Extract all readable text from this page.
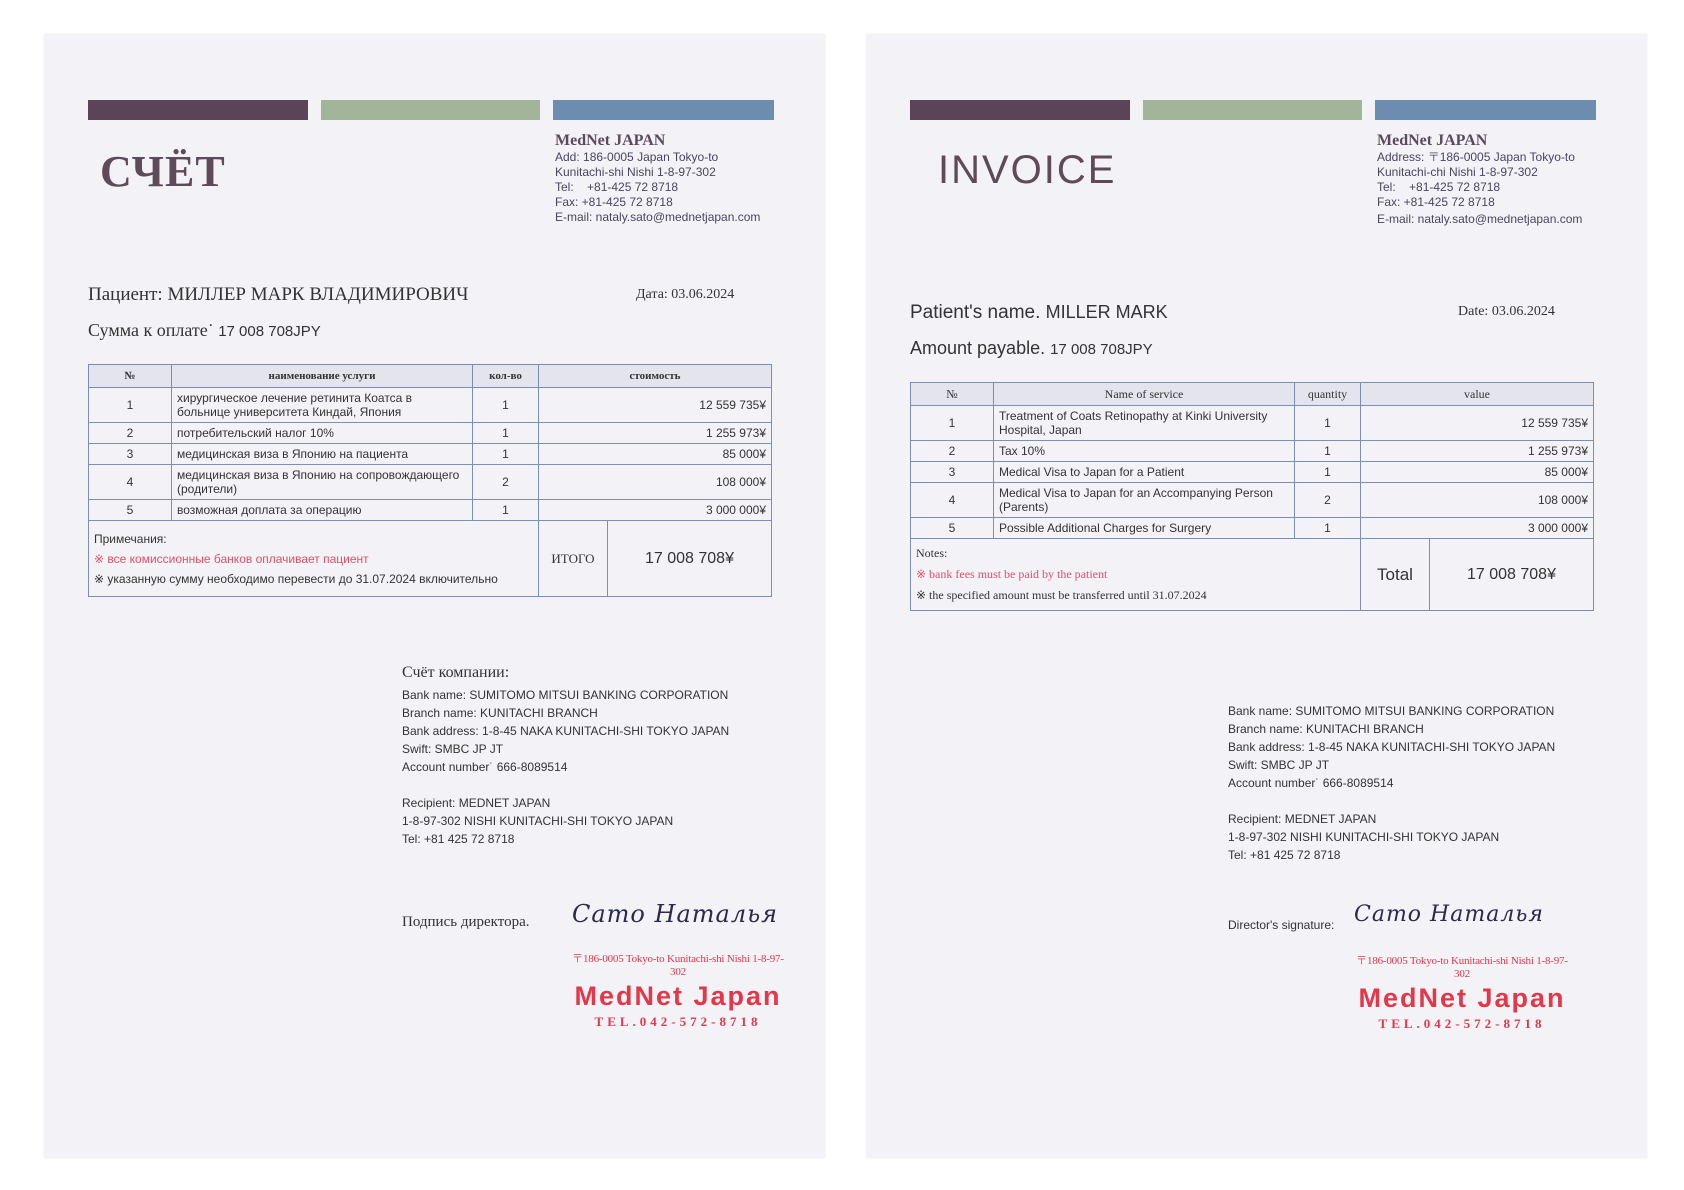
СЧЁТ
MedNet JAPAN
Add: 186-0005 Japan Tokyo-to
Kunitachi-shi Nishi 1-8-97-302
Tel:    +81-425 72 8718
Fax: +81-425 72 8718
E-mail: nataly.sato@mednetjapan.com
Пациент: МИЛЛЕР МАРК ВЛАДИМИРОВИЧ	Дата: 03.06.2024
Сумма к оплате˙ 17 008 708JPY
№	наименование услуги	кол-во	стоимость	
1	хирургическое лечение ретинита Коатса в больнице университета Киндай, Япония	1	12 559 735¥	
2	потребительский налог 10%	1	1 255 973¥	
3	медицинская виза в Японию на пациента	1	85 000¥	
4	медицинская виза в Японию на сопровождающего (родители)	2	108 000¥	
5	возможная доплата за операцию	1	3 000 000¥	

Примечания:
※ все комиссионные банков оплачивает пациент
※ указанную сумму необходимо перевести до 31.07.2024 включительно			ИТОГО	17 008 708¥
Счёт компании:
Bank name: SUMITOMO MITSUI BANKING CORPORATION
Branch name: KUNITACHI BRANCH
Bank address: 1-8-45 NAKA KUNITACHI-SHI TOKYO JAPAN
Swift: SMBC JP JT
Account number˙ 666-8089514
Recipient: MEDNET JAPAN
1-8-97-302 NISHI KUNITACHI-SHI TOKYO JAPAN
Tel: +81 425 72 8718
Подпись директора. Сато Наталья
〒186-0005 Tokyo-to Kunitachi-shi Nishi 1-8-97-302
MedNet Japan
TEL.042-572-8718
INVOICE
MedNet JAPAN
Address: 〒186-0005 Japan Tokyo-to
Kunitachi-chi Nishi 1-8-97-302
Tel:    +81-425 72 8718
Fax: +81-425 72 8718
E-mail: nataly.sato@mednetjapan.com
Patient's name. MILLER MARK	Date: 03.06.2024
Amount payable. 17 008 708JPY
№	Name of service	quantity	value	
1	Treatment of Coats Retinopathy at Kinki University Hospital, Japan	1	12 559 735¥	
2	Tax 10%	1	1 255 973¥	
3	Medical Visa to Japan for a Patient	1	85 000¥	
4	Medical Visa to Japan for an Accompanying Person (Parents)	2	108 000¥	
5	Possible Additional Charges for Surgery	1	3 000 000¥	

Notes:
※ bank fees must be paid by the patient
※ the specified amount must be transferred until 31.07.2024			Total	17 008 708¥
Bank name: SUMITOMO MITSUI BANKING CORPORATION
Branch name: KUNITACHI BRANCH
Bank address: 1-8-45 NAKA KUNITACHI-SHI TOKYO JAPAN
Swift: SMBC JP JT
Account number˙ 666-8089514
Recipient: MEDNET JAPAN
1-8-97-302 NISHI KUNITACHI-SHI TOKYO JAPAN
Tel: +81 425 72 8718
Director's signature: Сато Наталья
〒186-0005 Tokyo-to Kunitachi-shi Nishi 1-8-97-302
MedNet Japan
TEL.042-572-8718
